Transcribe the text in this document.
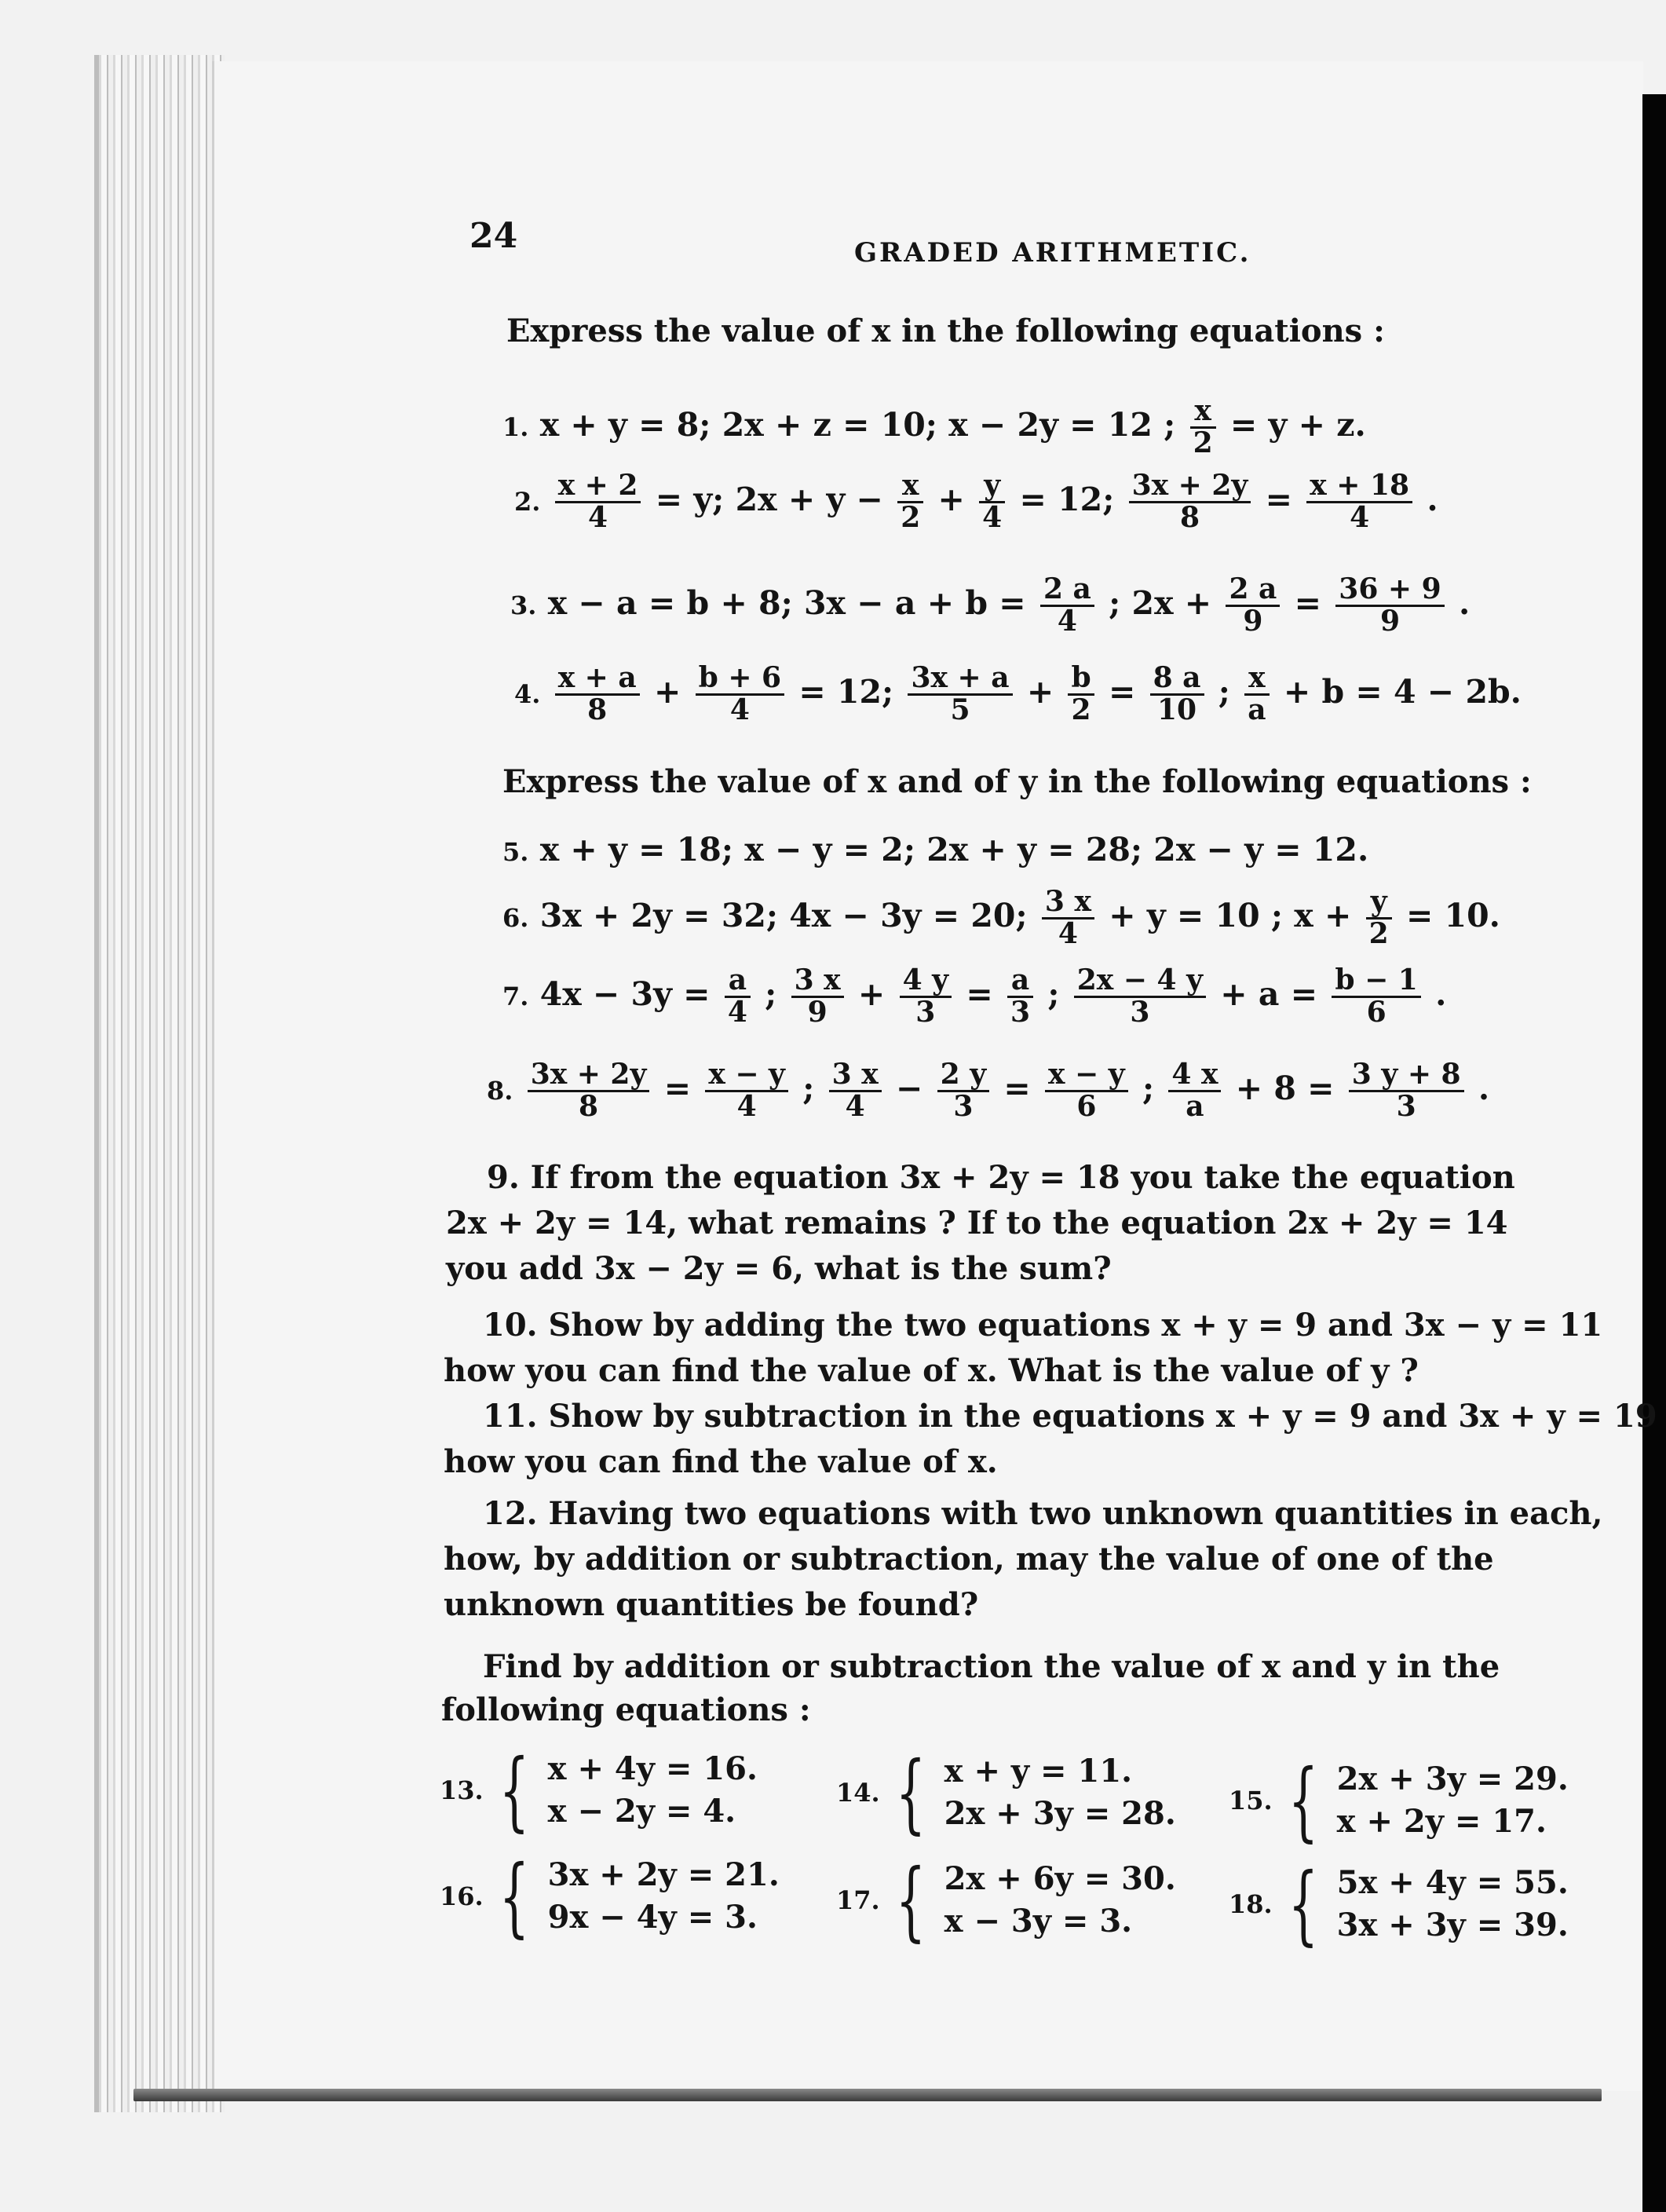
24	GRADED ARITHMETIC.
Express the value of x in the following equations :
1. x + y = 8; 2x + z = 10; x − 2y = 12 ; $\frac{x}{2} = y + z$.
2. $\frac{x + 2}{4} = y$; $2x + y - \frac{x}{2} + \frac{y}{4} = 12$; $\frac{3x + 2y}{8} = \frac{x + 18}{4}$ .
3. x − a = b + 8; $3x - a + b = \frac{2 a}{4}$ ; $2x + \frac{2 a}{9} = \frac{36 + 9}{9}$ .
4. $\frac{x + a}{8} + \frac{b + 6}{4} = 12$; $\frac{3x + a}{5} + \frac{b}{2} = \frac{8 a}{10}$ ; $\frac{x}{a} + b = 4 - 2b$.
Express the value of x and of y in the following equations :
5. x + y = 18; x − y = 2; 2x + y = 28; 2x − y = 12.
6. 3x + 2y = 32; 4x − 3y = 20; $\frac{3 x}{4} + y = 10$ ; $x + \frac{y}{2} = 10$.
7. $4x - 3y = \frac{a}{4}$ ; $\frac{3 x}{9} + \frac{4 y}{3} = \frac{a}{3}$ ; $\frac{2x - 4 y}{3} + a = \frac{b - 1}{6}$ .
8. $\frac{3x + 2y}{8} = \frac{x - y}{4}$ ; $\frac{3 x}{4} - \frac{2 y}{3} = \frac{x - y}{6}$ ; $\frac{4 x}{a} + 8 = \frac{3 y + 8}{3}$ .
9. If from the equation 3x + 2y = 18 you take the equation
2x + 2y = 14, what remains ? If to the equation 2x + 2y = 14
you add 3x − 2y = 6, what is the sum?
10. Show by adding the two equations x + y = 9 and 3x − y = 11
how you can find the value of x. What is the value of y ?
11. Show by subtraction in the equations x + y = 9 and 3x + y = 19
how you can find the value of x.
12. Having two equations with two unknown quantities in each,
how, by addition or subtraction, may the value of one of the
unknown quantities be found?
Find by addition or subtraction the value of x and y in the
following equations :
13. { x + 4y = 16.
x − 2y = 4.	14. { x + y = 11.
2x + 3y = 28. 15. { 2x + 3y = 29.
x + 2y = 17.
16. { 3x + 2y = 21.
9x − 4y = 3.	17. { 2x + 6y = 30.
x − 3y = 3.	18. { 5x + 4y = 55.
3x + 3y = 39.
